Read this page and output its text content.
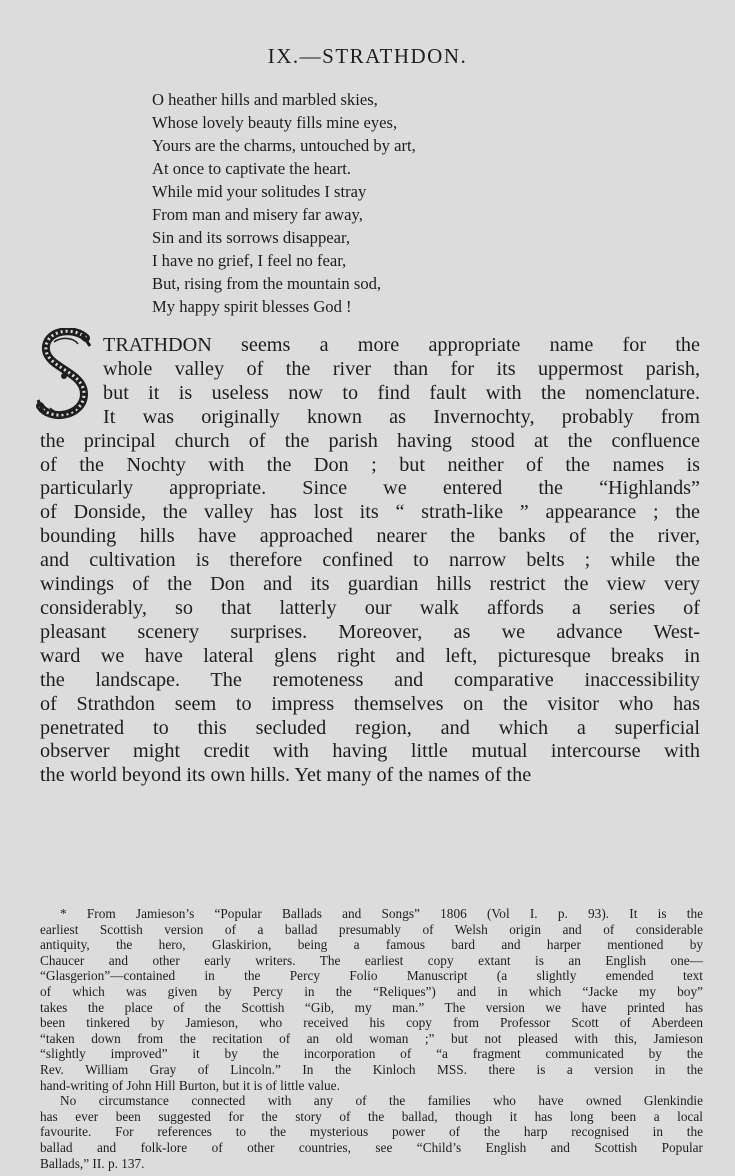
IX.—STRATHDON.
O heather hills and marbled skies,
Whose lovely beauty fills mine eyes,
Yours are the charms, untouched by art,
At once to captivate the heart.
While mid your solitudes I stray
From man and misery far away,
Sin and its sorrows disappear,
I have no grief, I feel no fear,
But, rising from the mountain sod,
My happy spirit blesses God !
TRATHDON seems a more appropriate name for the
whole valley of the river than for its uppermost parish,
but it is useless now to find fault with the nomenclature.
It was originally known as Invernochty, probably from
the principal church of the parish having stood at the confluence
of the Nochty with the Don ; but neither of the names is
particularly appropriate. Since we entered the “Highlands”
of Donside, the valley has lost its “ strath-like ” appearance ; the
bounding hills have approached nearer the banks of the river,
and cultivation is therefore confined to narrow belts ; while the
windings of the Don and its guardian hills restrict the view very
considerably, so that latterly our walk affords a series of
pleasant scenery surprises. Moreover, as we advance West-
ward we have lateral glens right and left, picturesque breaks in
the landscape. The remoteness and comparative inaccessibility
of Strathdon seem to impress themselves on the visitor who has
penetrated to this secluded region, and which a superficial
observer might credit with having little mutual intercourse with
the world beyond its own hills. Yet many of the names of the
* From Jamieson’s “Popular Ballads and Songs” 1806 (Vol I. p. 93). It is the
earliest Scottish version of a ballad presumably of Welsh origin and of considerable
antiquity, the hero, Glaskirion, being a famous bard and harper mentioned by
Chaucer and other early writers. The earliest copy extant is an English one—
“Glasgerion”—contained in the Percy Folio Manuscript (a slightly emended text
of which was given by Percy in the “Reliques”) and in which “Jacke my boy”
takes the place of the Scottish “Gib, my man.” The version we have printed has
been tinkered by Jamieson, who received his copy from Professor Scott of Aberdeen
“taken down from the recitation of an old woman ;” but not pleased with this, Jamieson
“slightly improved” it by the incorporation of “a fragment communicated by the
Rev. William Gray of Lincoln.” In the Kinloch MSS. there is a version in the
hand-writing of John Hill Burton, but it is of little value.
No circumstance connected with any of the families who have owned Glenkindie
has ever been suggested for the story of the ballad, though it has long been a local
favourite. For references to the mysterious power of the harp recognised in the
ballad and folk-lore of other countries, see “Child’s English and Scottish Popular
Ballads,” II. p. 137.
